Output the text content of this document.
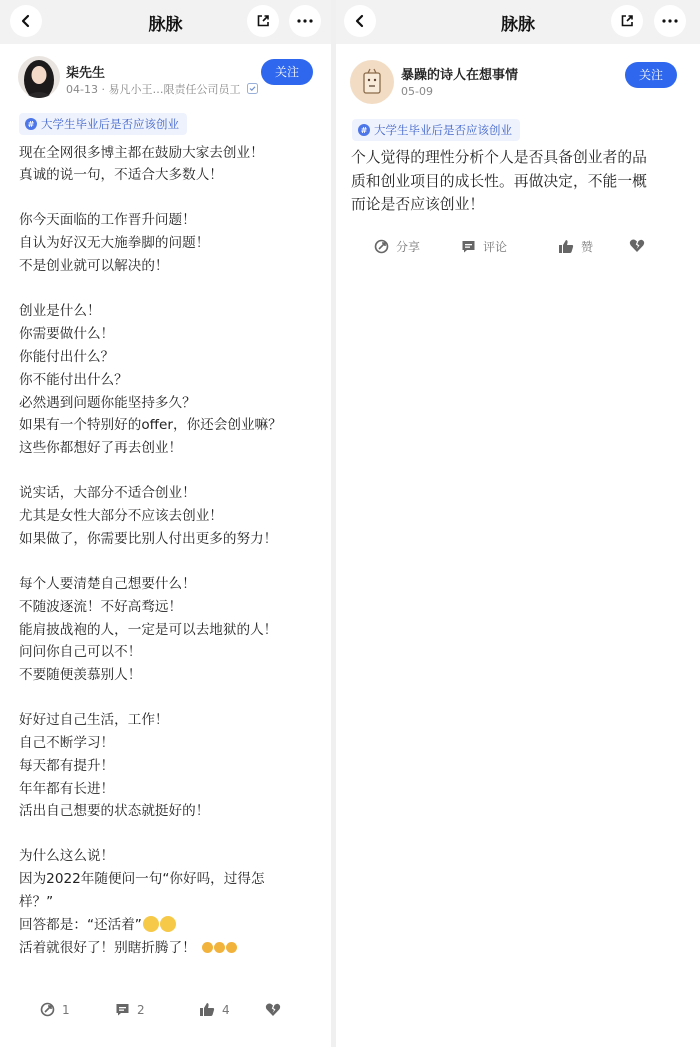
脉脉
柒先生
04-13 · 易凡小王…限责任公司员工
关注
# 大学生毕业后是否应该创业
现在全网很多博主都在鼓励大家去创业！
真诚的说一句，不适合大多数人！
你今天面临的工作晋升问题！
自认为好汉无大施拳脚的问题！
不是创业就可以解决的！
创业是什么！
你需要做什么！
你能付出什么？
你不能付出什么？
必然遇到问题你能坚持多久？
如果有一个特别好的offer，你还会创业嘛？
这些你都想好了再去创业！
说实话，大部分不适合创业！
尤其是女性大部分不应该去创业！
如果做了，你需要比别人付出更多的努力！
每个人要清楚自己想要什么！
不随波逐流！不好高骛远！
能肩披战袍的人，一定是可以去地狱的人！
问问你自己可以不！
不要随便羡慕别人！
好好过自己生活，工作！
自己不断学习！
每天都有提升！
年年都有长进！
活出自己想要的状态就挺好的！
为什么这么说！
因为2022年随便问一句“你好吗，过得怎
样？”
回答都是：“还活着”
活着就很好了！别瞎折腾了！
1	2	4
脉脉
暴躁的诗人在想事情
05-09
关注
# 大学生毕业后是否应该创业
个人觉得的理性分析个人是否具备创业者的品
质和创业项目的成长性。再做决定，不能一概
而论是否应该创业！
分享	评论	赞
